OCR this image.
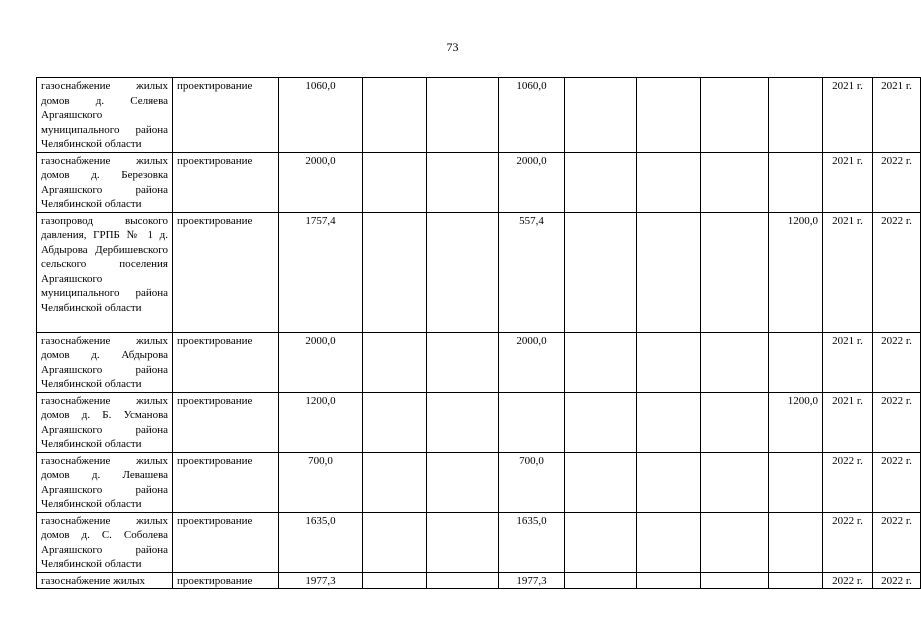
73
газоснабжение жилых домов д. Селяева Аргаяшского муниципального района Челябинской области	проектирование	1060,0			1060,0					2021 г.	2021 г.
газоснабжение жилых домов д. Березовка Аргаяшского района Челябинской области	проектирование	2000,0			2000,0					2021 г.	2022 г.
газопровод высокого давления, ГРПБ № 1 д. Абдырова Дербишевского сельского поселения Аргаяшского муниципального района Челябинской области	проектирование	1757,4			557,4				1200,0	2021 г.	2022 г.
газоснабжение жилых домов д. Абдырова Аргаяшского района Челябинской области	проектирование	2000,0			2000,0					2021 г.	2022 г.
газоснабжение жилых домов д. Б. Усманова Аргаяшского района Челябинской области	проектирование	1200,0							1200,0	2021 г.	2022 г.
газоснабжение жилых домов д. Левашева Аргаяшского района Челябинской области	проектирование	700,0			700,0					2022 г.	2022 г.
газоснабжение жилых домов д. С. Соболева Аргаяшского района Челябинской области	проектирование	1635,0			1635,0					2022 г.	2022 г.
газоснабжение жилых	проектирование	1977,3			1977,3					2022 г.	2022 г.
